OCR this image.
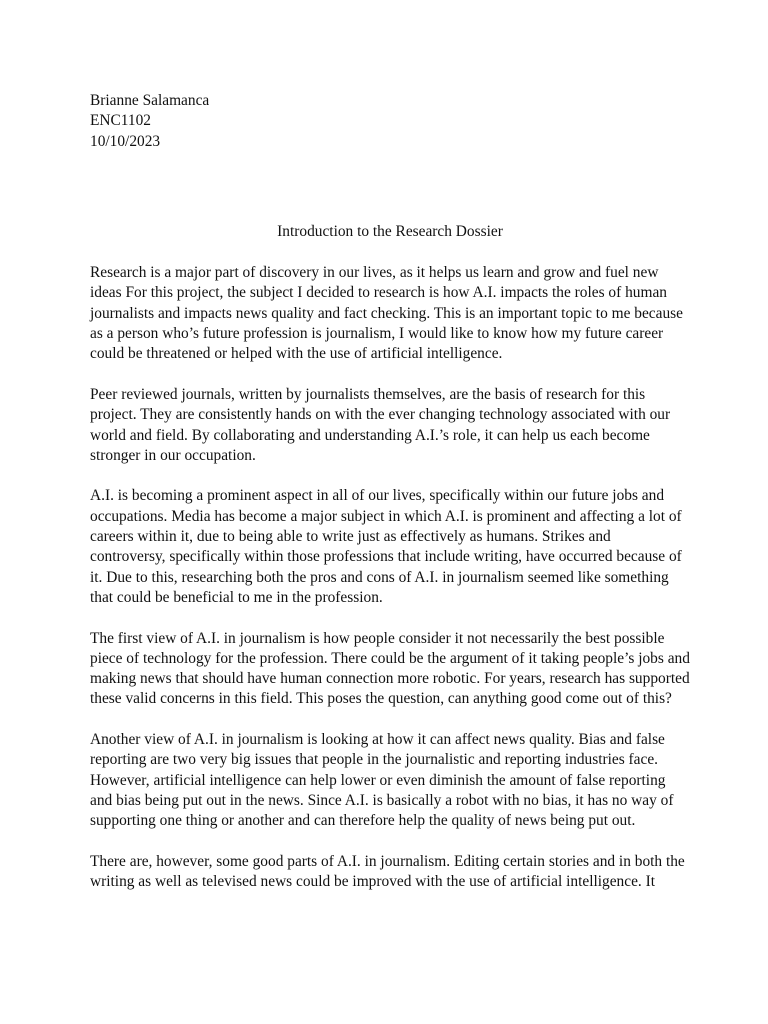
Brianne Salamanca
ENC1102
10/10/2023
Introduction to the Research Dossier

Research is a major part of discovery in our lives, as it helps us learn and grow and fuel new ideas For this project, the subject I decided to research is how A.I. impacts the roles of human journalists and impacts news quality and fact checking. This is an important topic to me because as a person who’s future profession is journalism, I would like to know how my future career could be threatened or helped with the use of artificial intelligence.

Peer reviewed journals, written by journalists themselves, are the basis of research for this project. They are consistently hands on with the ever changing technology associated with our world and field. By collaborating and understanding A.I.’s role, it can help us each become stronger in our occupation.

A.I. is becoming a prominent aspect in all of our lives, specifically within our future jobs and occupations. Media has become a major subject in which A.I. is prominent and affecting a lot of careers within it, due to being able to write just as effectively as humans. Strikes and controversy, specifically within those professions that include writing, have occurred because of it. Due to this, researching both the pros and cons of A.I. in journalism seemed like something that could be beneficial to me in the profession.

The first view of A.I. in journalism is how people consider it not necessarily the best possible piece of technology for the profession. There could be the argument of it taking people’s jobs and making news that should have human connection more robotic. For years, research has supported these valid concerns in this field. This poses the question, can anything good come out of this?

Another view of A.I. in journalism is looking at how it can affect news quality. Bias and false reporting are two very big issues that people in the journalistic and reporting industries face. However, artificial intelligence can help lower or even diminish the amount of false reporting and bias being put out in the news. Since A.I. is basically a robot with no bias, it has no way of supporting one thing or another and can therefore help the quality of news being put out.

There are, however, some good parts of A.I. in journalism. Editing certain stories and in both the writing as well as televised news could be improved with the use of artificial intelligence. It
